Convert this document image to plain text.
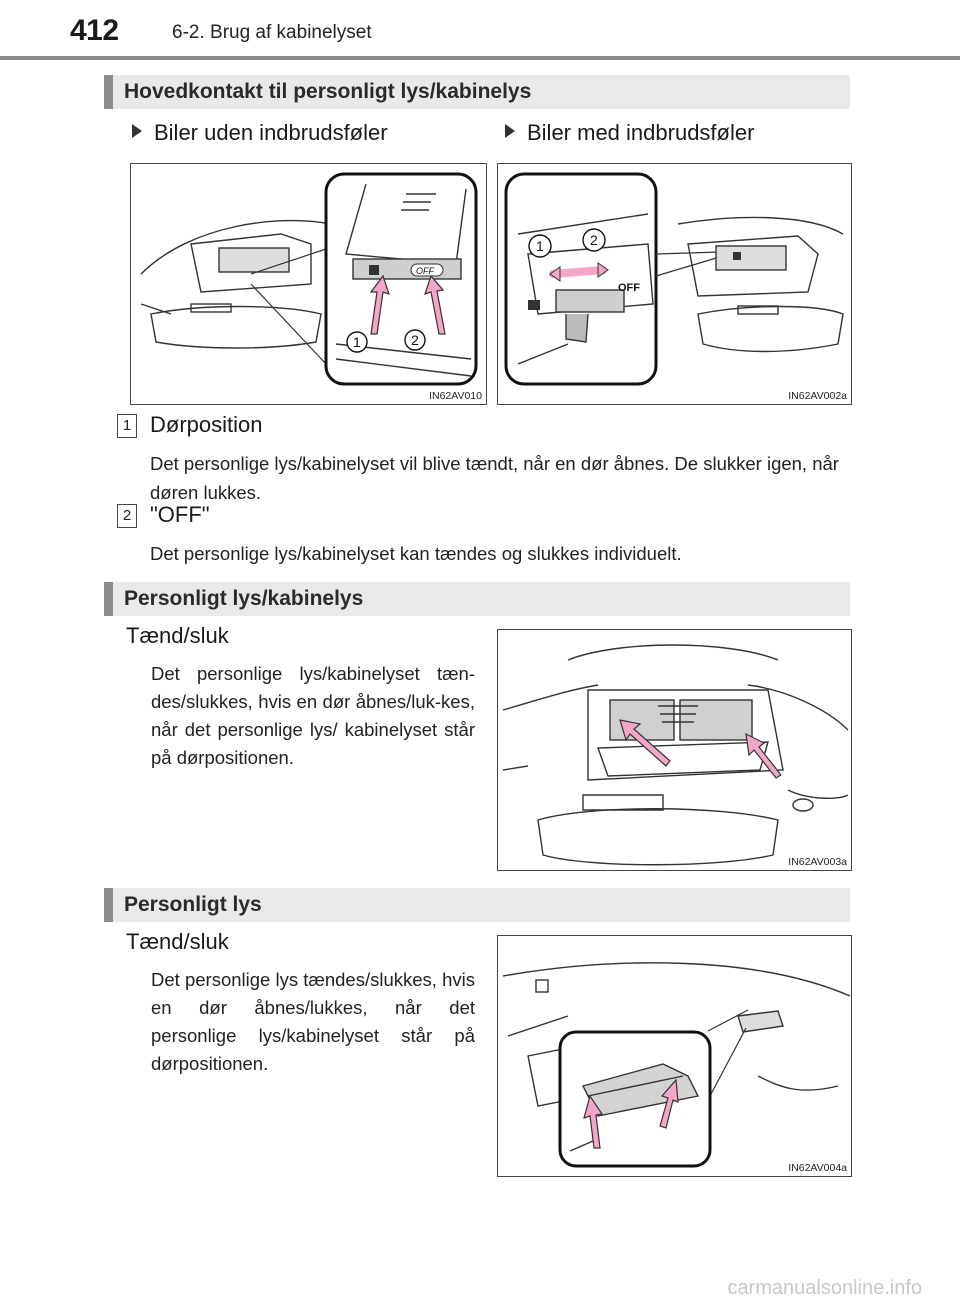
412	6-2. Brug af kabinelyset
Hovedkontakt til personligt lys/kabinelys
Biler uden indbrudsføler	Biler med indbrudsføler
OFF
1	2
IN62AV010
OFF
1	2
IN62AV002a
1 Dørposition
Det personlige lys/kabinelyset vil blive tændt, når en dør åbnes. De slukker igen, når døren lukkes.
2 "OFF"
Det personlige lys/kabinelyset kan tændes og slukkes individuelt.
Personligt lys/kabinelys
Tænd/sluk
Det personlige lys/kabinelyset tæn-des/slukkes, hvis en dør åbnes/luk-kes, når det personlige lys/ kabinelyset står på dørpositionen.
IN62AV003a
Personligt lys
Tænd/sluk
Det personlige lys tændes/slukkes, hvis en dør åbnes/lukkes, når det personlige lys/kabinelyset står på dørpositionen.
IN62AV004a
carmanualsonline.info
